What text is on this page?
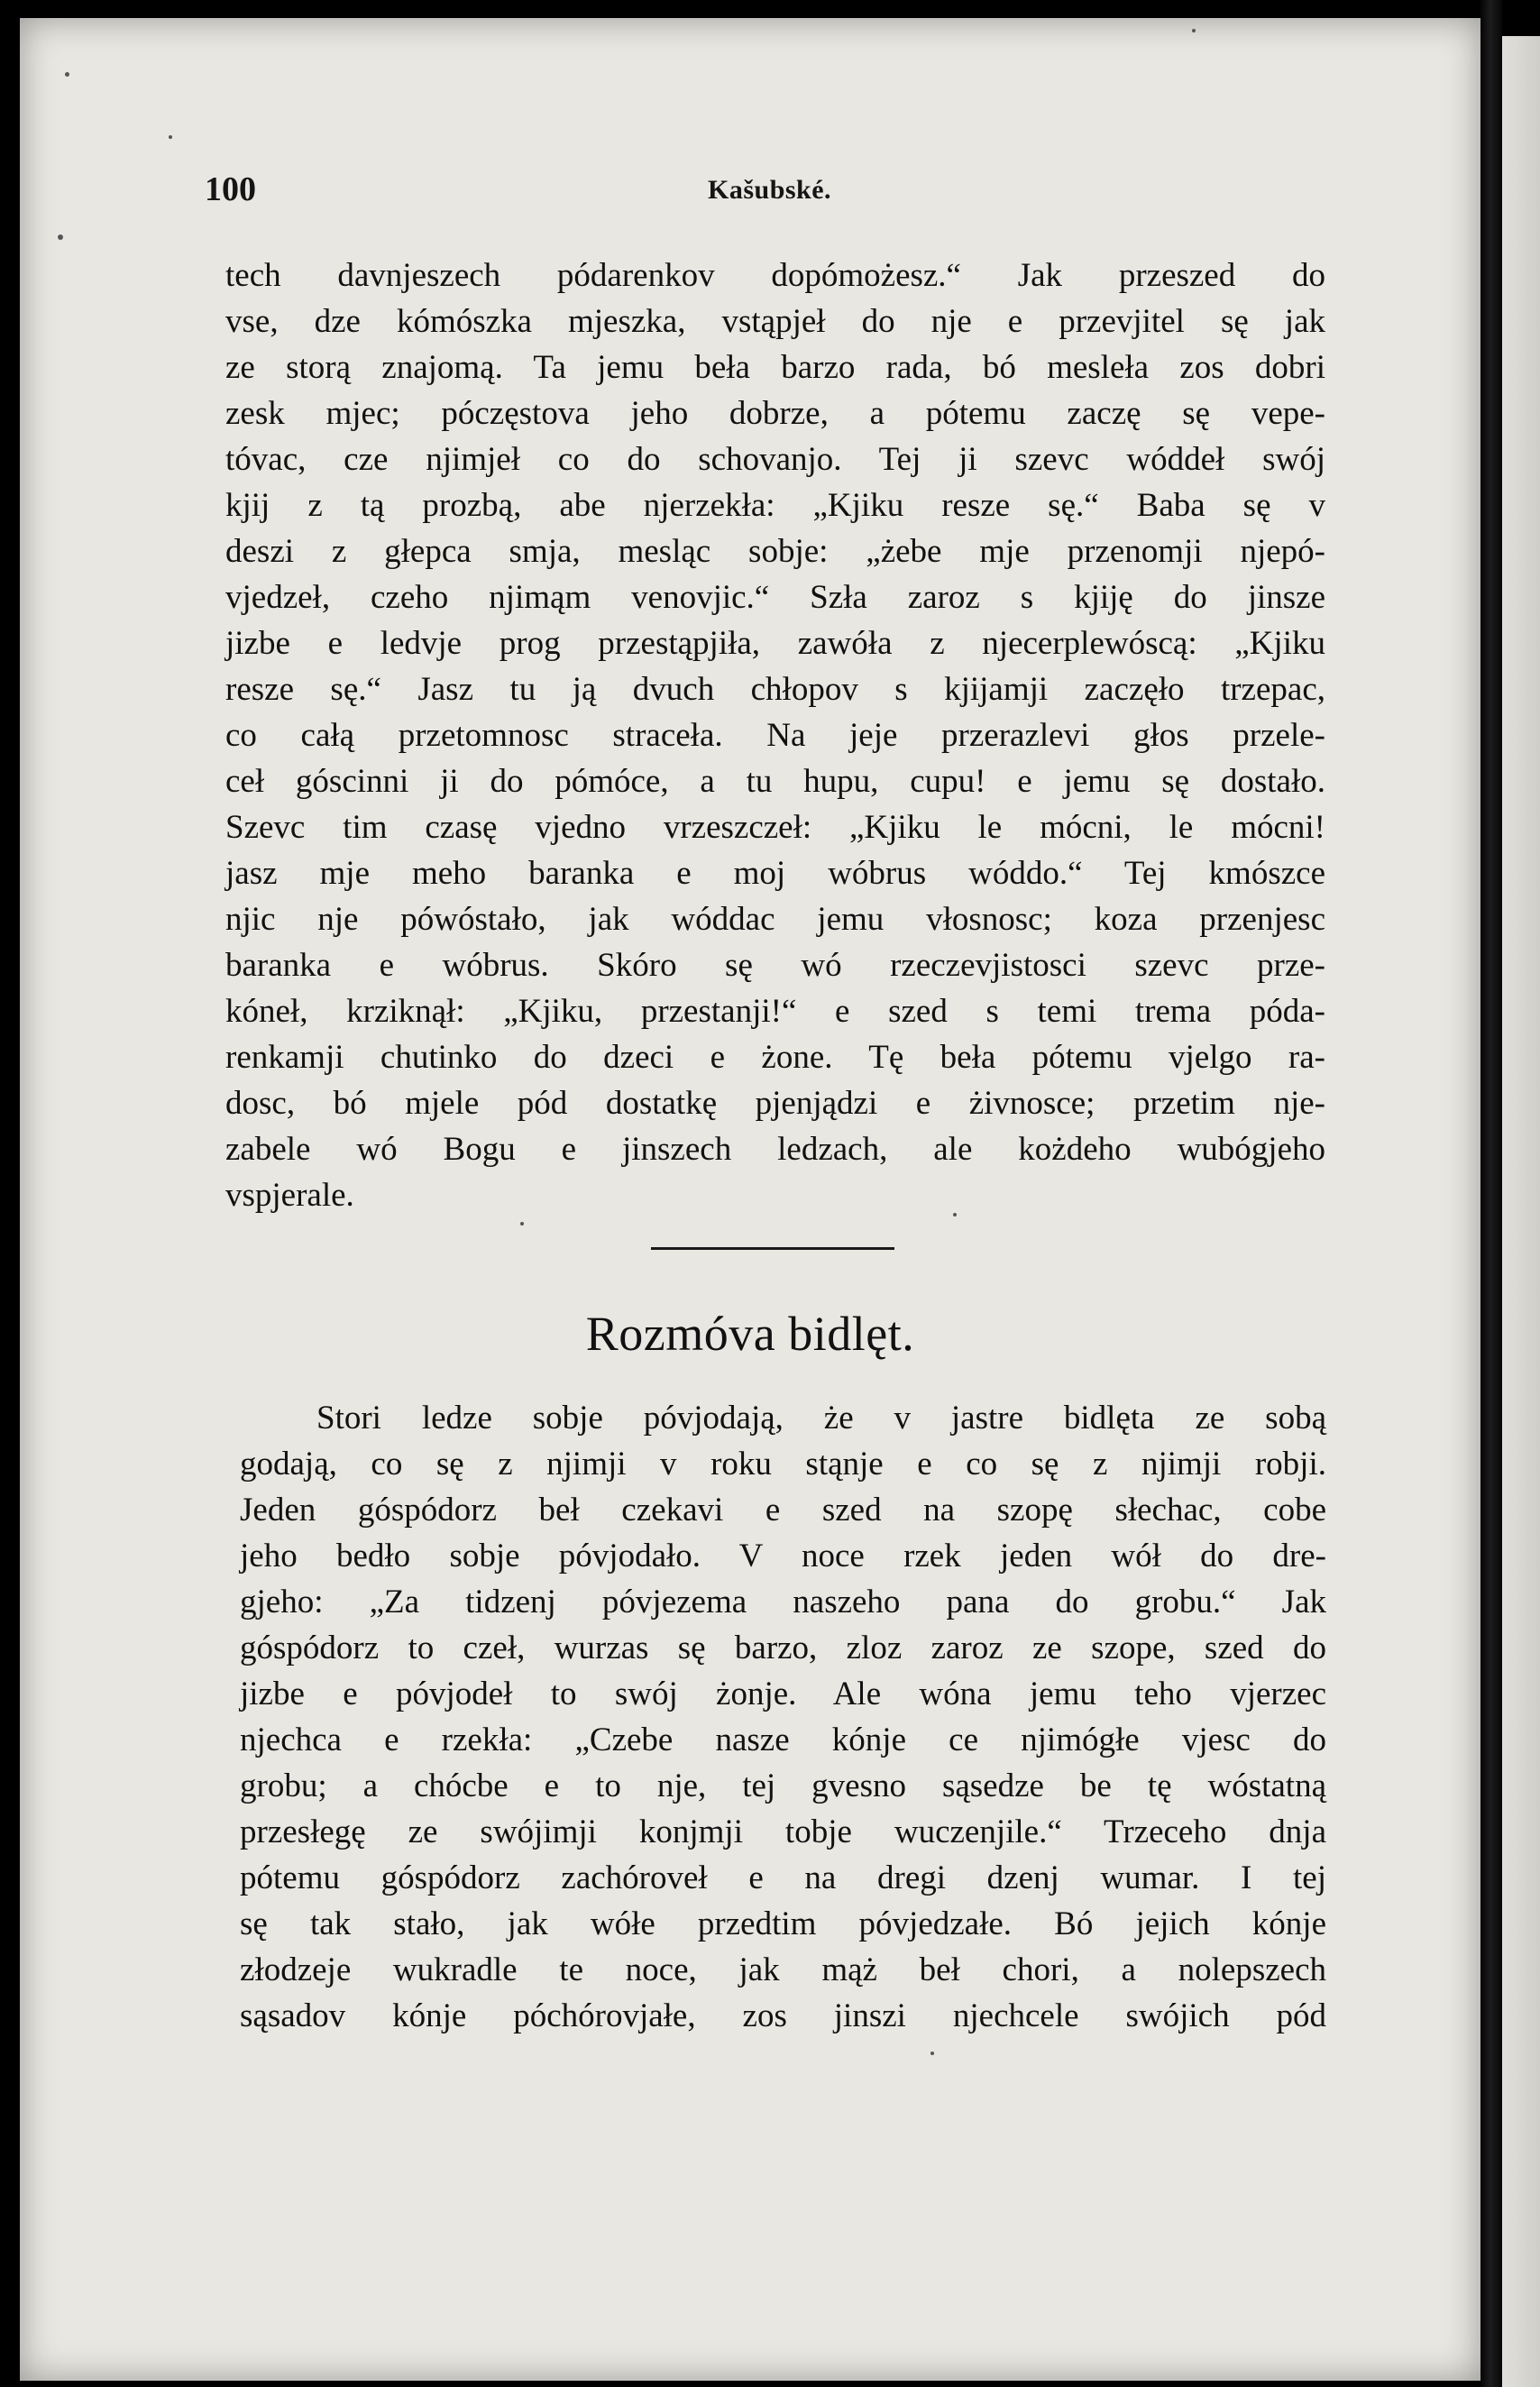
100	Kašubské.
tech davnjeszech pódarenkov dopómożesz.“ Jak przeszed do
vse, dze kómószka mjeszka, vstąpjeł do nje e przevjitel sę jak
ze storą znajomą. Ta jemu beła barzo rada, bó mesleła zos dobri
zesk mjec; póczęstova jeho dobrze, a pótemu zaczę sę vepe-
tóvac, cze njimjeł co do schovanjo. Tej ji szevc wóddeł swój
kjij z tą prozbą, abe njerzekła: „Kjiku resze sę.“ Baba sę v
deszi z głepca smja, mesląc sobje: „żebe mje przenomji njepó-
vjedzeł, czeho njimąm venovjic.“ Szła zaroz s kjiję do jinsze
jizbe e ledvje prog przestąpjiła, zawóła z njecerplewóscą: „Kjiku
resze sę.“ Jasz tu ją dvuch chłopov s kjijamji zaczęło trzepac,
co całą przetomnosc straceła. Na jeje przerazlevi głos przele-
ceł góscinni ji do pómóce, a tu hupu, cupu! e jemu sę dostało.
Szevc tim czasę vjedno vrzeszczeł: „Kjiku le mócni, le mócni!
jasz mje meho baranka e moj wóbrus wóddo.“ Tej kmószce
njic nje pówóstało, jak wóddac jemu vłosnosc; koza przenjesc
baranka e wóbrus. Skóro sę wó rzeczevjistosci szevc prze-
kóneł, krziknął: „Kjiku, przestanji!“ e szed s temi trema póda-
renkamji chutinko do dzeci e żone. Tę beła pótemu vjelgo ra-
dosc, bó mjele pód dostatkę pjenjądzi e żivnosce; przetim nje-
zabele wó Bogu e jinszech ledzach, ale kożdeho wubógjeho
vspjerale.
Rozmóva bidlęt.
Stori ledze sobje póvjodają, że v jastre bidlęta ze sobą
godają, co sę z njimji v roku stąnje e co sę z njimji robji.
Jeden góspódorz beł czekavi e szed na szopę słechac, cobe
jeho bedło sobje póvjodało. V noce rzek jeden wół do dre-
gjeho: „Za tidzenj póvjezema naszeho pana do grobu.“ Jak
góspódorz to czeł, wurzas sę barzo, zloz zaroz ze szope, szed do
jizbe e póvjodeł to swój żonje. Ale wóna jemu teho vjerzec
njechca e rzekła: „Czebe nasze kónje ce njimógłe vjesc do
grobu; a chócbe e to nje, tej gvesno sąsedze be tę wóstatną
przesłegę ze swójimji konjmji tobje wuczenjile.“ Trzeceho dnja
pótemu góspódorz zachóroveł e na dregi dzenj wumar. I tej
sę tak stało, jak wółe przedtim póvjedzałe. Bó jejich kónje
złodzeje wukradle te noce, jak mąż beł chori, a nolepszech
sąsadov kónje póchórovjałe, zos jinszi njechcele swójich pód
